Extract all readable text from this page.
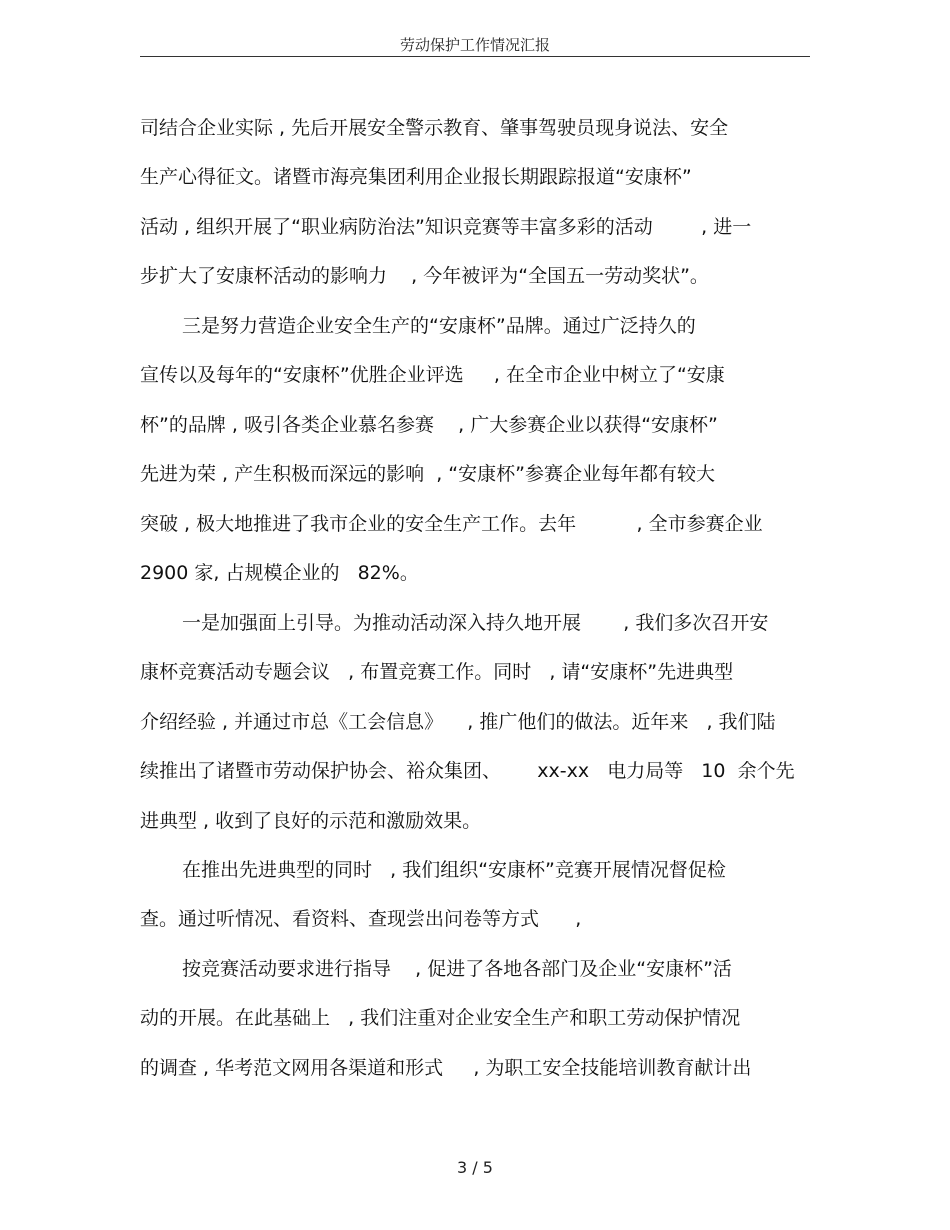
劳动保护工作情况汇报
司结合企业实际 , 先后开展安全警示教育、肇事驾驶员现身说法、安全
生产心得征文。诸暨市海亮集团利用企业报长期跟踪报道“安康杯”
活动 , 组织开展了“职业病防治法”知识竞赛等丰富多彩的活动        , 进一
步扩大了安康杯活动的影响力    , 今年被评为“全国五一劳动奖状”。
三是努力营造企业安全生产的“安康杯”品牌。通过广泛持久的
宣传以及每年的“安康杯”优胜企业评选     , 在全市企业中树立了“安康
杯”的品牌 , 吸引各类企业慕名参赛    , 广大参赛企业以获得“安康杯”
先进为荣 , 产生积极而深远的影响  , “安康杯”参赛企业每年都有较大
突破 , 极大地推进了我市企业的安全生产工作。去年          , 全市参赛企业
2900 家, 占规模企业的   82%。
一是加强面上引导。为推动活动深入持久地开展       , 我们多次召开安
康杯竞赛活动专题会议   , 布置竞赛工作。同时   , 请“安康杯”先进典型
介绍经验 , 并通过市总《工会信息》    , 推广他们的做法。近年来   , 我们陆
续推出了诸暨市劳动保护协会、裕众集团、      xx-xx   电力局等   10  余个先
进典型 , 收到了良好的示范和激励效果。
在推出先进典型的同时   , 我们组织“安康杯”竞赛开展情况督促检
查。通过听情况、看资料、查现尝出问卷等方式      ,
按竞赛活动要求进行指导    , 促进了各地各部门及企业“安康杯”活
动的开展。在此基础上   , 我们注重对企业安全生产和职工劳动保护情况
的调查 , 华考范文网用各渠道和形式     , 为职工安全技能培训教育献计出
3 / 5
